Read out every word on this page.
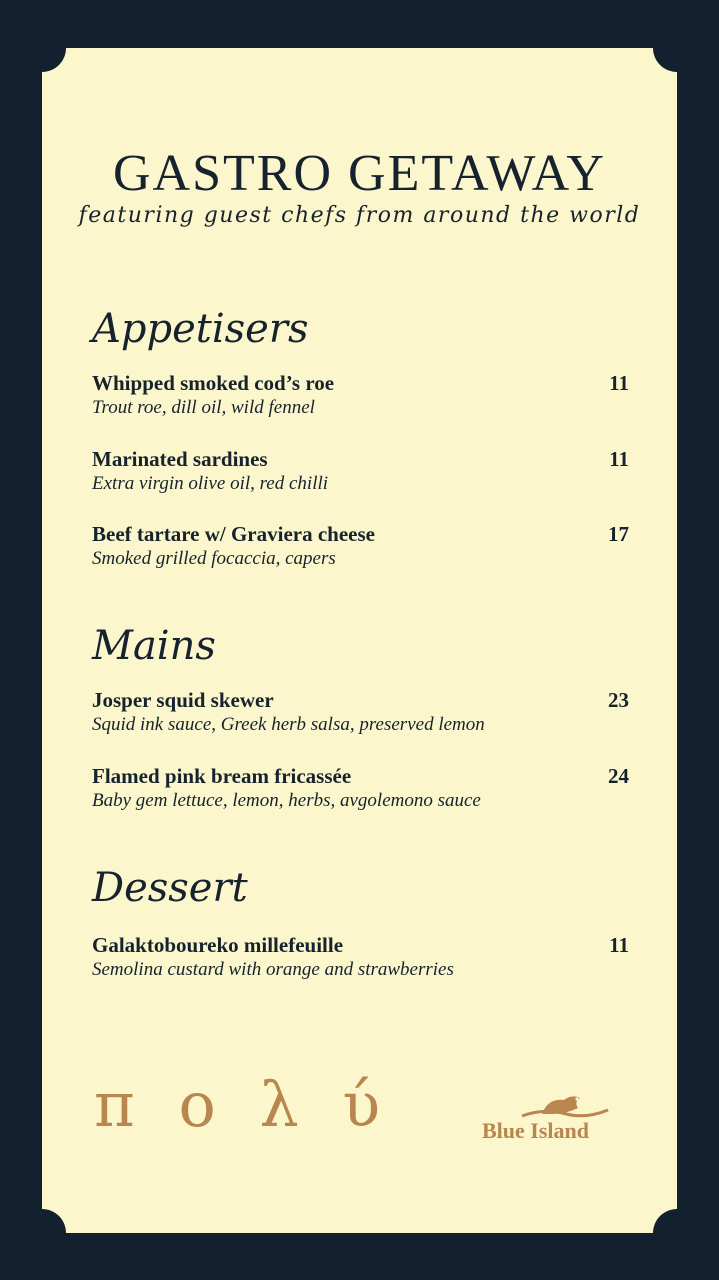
GASTRO GETAWAY
featuring guest chefs from around the world
Appetisers
Whipped smoked cod’s roe	11
Trout roe, dill oil, wild fennel
Marinated sardines	11
Extra virgin olive oil, red chilli
Beef tartare w/ Graviera cheese	17
Smoked grilled focaccia, capers
Mains
Josper squid skewer	23
Squid ink sauce, Greek herb salsa, preserved lemon
Flamed pink bream fricassée	24
Baby gem lettuce, lemon, herbs, avgolemono sauce
Dessert
Galaktoboureko millefeuille	11
Semolina custard with orange and strawberries
π ο λ ύ	Blue Island
